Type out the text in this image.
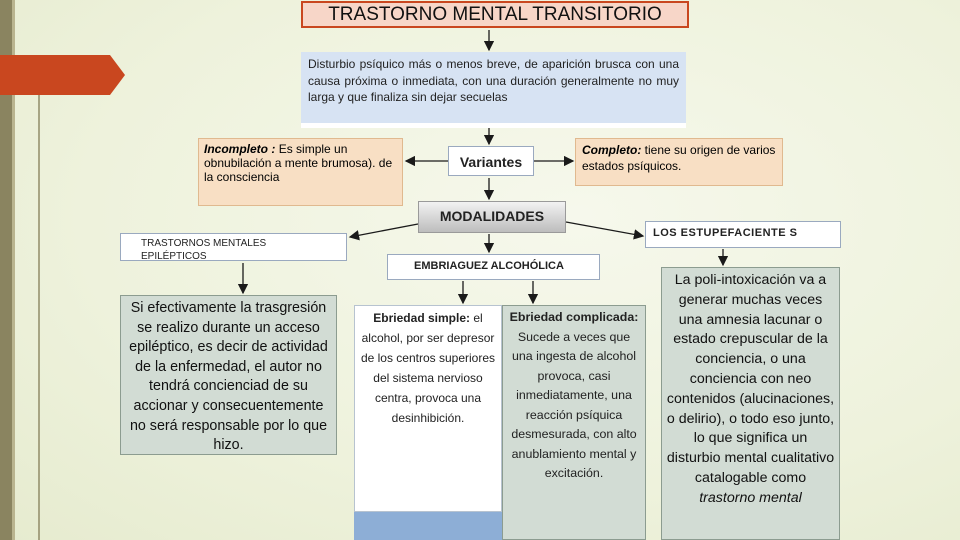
TRASTORNO MENTAL TRANSITORIO
Disturbio psíquico más o menos breve, de aparición brusca con una causa próxima o inmediata, con una duración generalmente no muy larga y que finaliza sin dejar secuelas
Incompleto : Es simple un obnubilación a mente brumosa). de la consciencia
Variantes
Completo: tiene su origen de varios estados psíquicos.
MODALIDADES
TRASTORNOS MENTALES EPILÉPTICOS
EMBRIAGUEZ ALCOHÓLICA
LOS ESTUPEFACIENTE S
Si efectivamente la trasgresión se realizo durante un acceso epiléptico, es decir de actividad de la enfermedad, el autor no tendrá concienciad de su accionar y consecuentemente no será responsable por lo que hizo.
Ebriedad simple: el alcohol, por ser depresor de los centros superiores del sistema nervioso centra, provoca una desinhibición.
Ebriedad complicada:
Sucede a veces que una ingesta de alcohol provoca, casi inmediatamente, una reacción psíquica desmesurada, con alto anublamiento mental y excitación.
La poli-intoxicación va a generar muchas veces una amnesia lacunar o estado crepuscular de la conciencia, o una conciencia con neo contenidos (alucinaciones, o delirio), o todo eso junto, lo que significa un disturbio mental cualitativo catalogable como trastorno mental
